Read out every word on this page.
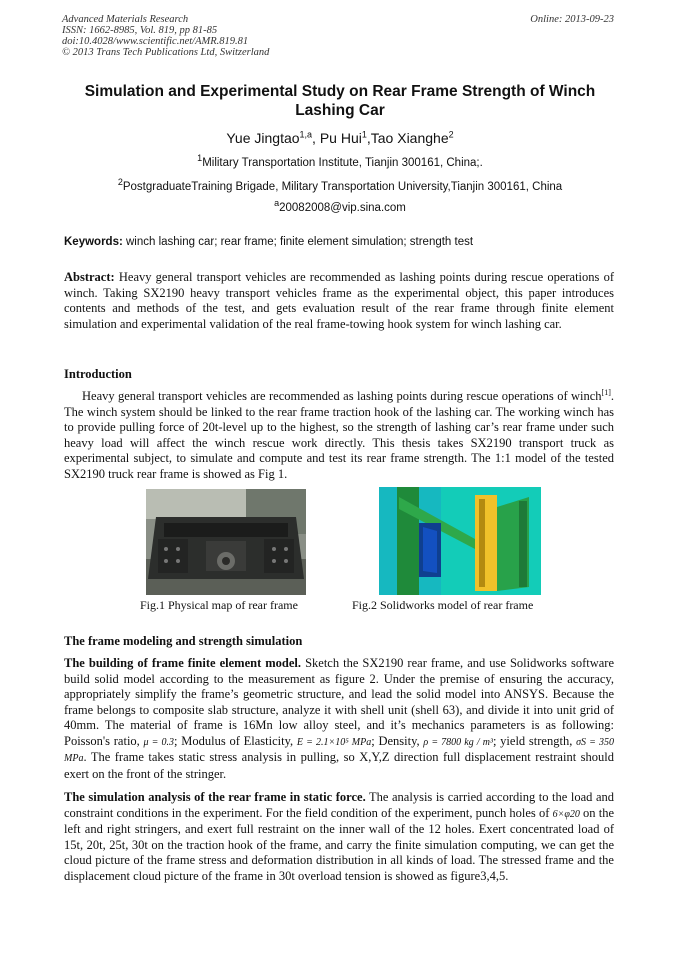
Advanced Materials Research
ISSN: 1662-8985, Vol. 819, pp 81-85
doi:10.4028/www.scientific.net/AMR.819.81
© 2013 Trans Tech Publications Ltd, Switzerland
Online: 2013-09-23
Simulation and Experimental Study on Rear Frame Strength of Winch Lashing Car
Yue Jingtao$^{1,a}$, Pu Hui$^1$,Tao Xianghe$^2$
$^1$Military Transportation Institute, Tianjin 300161, China;.
$^2$PostgraduateTraining Brigade, Military Transportation University,Tianjin 300161, China
$^a$20082008@vip.sina.com
Keywords: winch lashing car; rear frame; finite element simulation; strength test
Abstract: Heavy general transport vehicles are recommended as lashing points during rescue operations of winch. Taking SX2190 heavy transport vehicles frame as the experimental object, this paper introduces contents and methods of the test, and gets evaluation result of the rear frame through finite element simulation and experimental validation of the real frame-towing hook system for winch lashing car.
Introduction
Heavy general transport vehicles are recommended as lashing points during rescue operations of winch[1]. The winch system should be linked to the rear frame traction hook of the lashing car. The working winch has to provide pulling force of 20t-level up to the highest, so the strength of lashing car’s rear frame under such heavy load will affect the winch rescue work directly. This thesis takes SX2190 transport truck as experimental subject, to simulate and compute and test its rear frame strength. The 1:1 model of the tested SX2190 truck rear frame is showed as Fig 1.
Fig.1 Physical map of rear frame	Fig.2 Solidworks model of rear frame
The frame modeling and strength simulation
The building of frame finite element model. Sketch the SX2190 rear frame, and use Solidworks software build solid model according to the measurement as figure 2. Under the premise of ensuring the accuracy, appropriately simplify the frame’s geometric structure, and lead the solid model into ANSYS. Because the frame belongs to composite slab structure, analyze it with shell unit (shell 63), and divide it into unit grid of 40mm. The material of frame is 16Mn low alloy steel, and it’s mechanics parameters is as following: Poisson's ratio, μ = 0.3; Modulus of Elasticity, E = 2.1×10⁵ MPa; Density, ρ = 7800 kg / m³; yield strength, σS = 350 MPa. The frame takes static stress analysis in pulling, so X,Y,Z direction full displacement restraint should exert on the front of the stringer.
The simulation analysis of the rear frame in static force. The analysis is carried according to the load and constraint conditions in the experiment. For the field condition of the experiment, punch holes of 6×φ20 on the left and right stringers, and exert full restraint on the inner wall of the 12 holes. Exert concentrated load of 15t, 20t, 25t, 30t on the traction hook of the frame, and carry the finite simulation computing, we can get the cloud picture of the frame stress and deformation distribution in all kinds of load. The stressed frame and the displacement cloud picture of the frame in 30t overload tension is showed as figure3,4,5.
